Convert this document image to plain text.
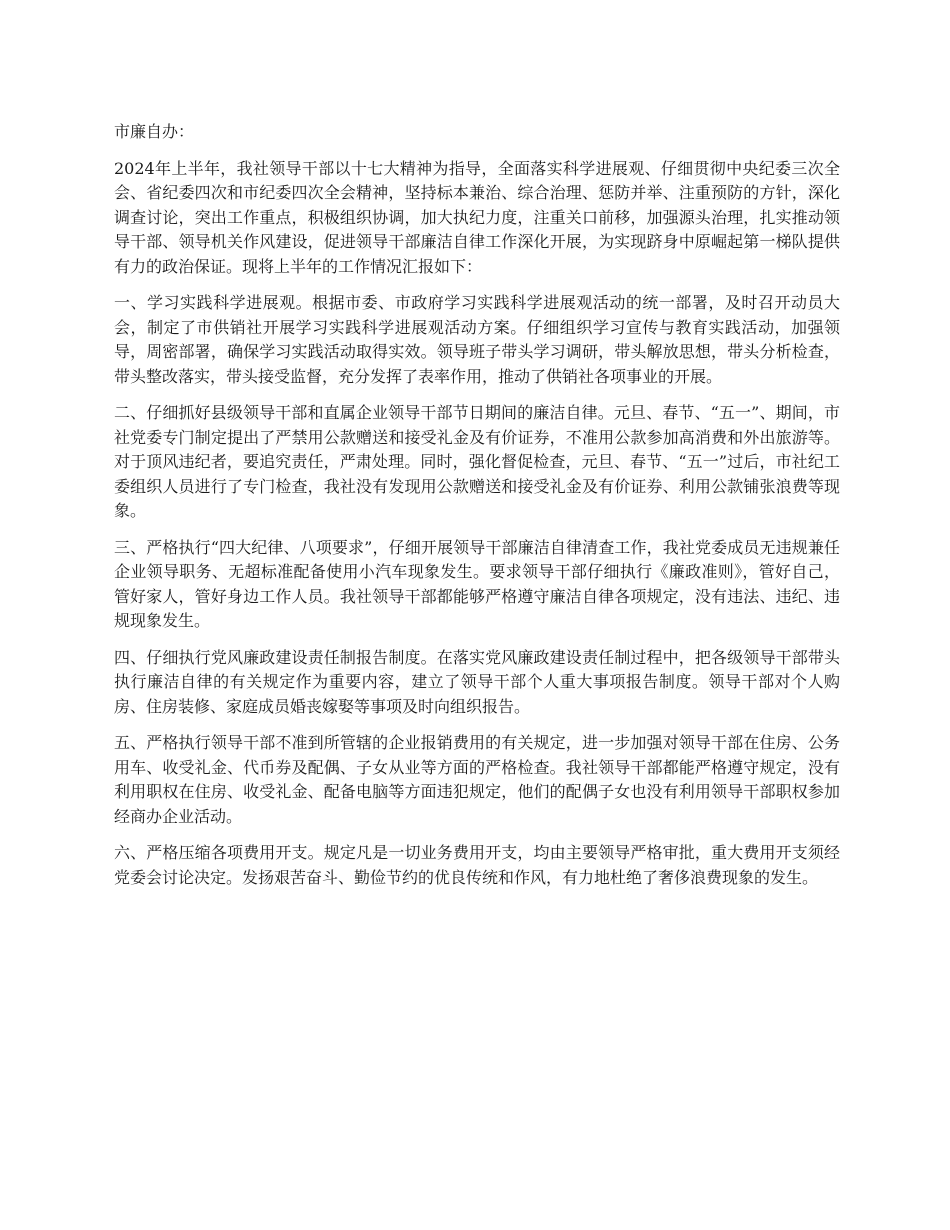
市廉自办：

2024年上半年，我社领导干部以十七大精神为指导，全面落实科学进展观、仔细贯彻中央纪委三次全会、省纪委四次和市纪委四次全会精神，坚持标本兼治、综合治理、惩防并举、注重预防的方针，深化调查讨论，突出工作重点，积极组织协调，加大执纪力度，注重关口前移，加强源头治理，扎实推动领导干部、领导机关作风建设，促进领导干部廉洁自律工作深化开展，为实现跻身中原崛起第一梯队提供有力的政治保证。现将上半年的工作情况汇报如下：

一、学习实践科学进展观。根据市委、市政府学习实践科学进展观活动的统一部署，及时召开动员大会，制定了市供销社开展学习实践科学进展观活动方案。仔细组织学习宣传与教育实践活动，加强领导，周密部署，确保学习实践活动取得实效。领导班子带头学习调研，带头解放思想，带头分析检查，带头整改落实，带头接受监督，充分发挥了表率作用，推动了供销社各项事业的开展。

二、仔细抓好县级领导干部和直属企业领导干部节日期间的廉洁自律。元旦、春节、“五一”、期间，市社党委专门制定提出了严禁用公款赠送和接受礼金及有价证券，不准用公款参加高消费和外出旅游等。对于顶风违纪者，要追究责任，严肃处理。同时，强化督促检查，元旦、春节、“五一”过后，市社纪工委组织人员进行了专门检查，我社没有发现用公款赠送和接受礼金及有价证券、利用公款铺张浪费等现象。

三、严格执行“四大纪律、八项要求”，仔细开展领导干部廉洁自律清查工作，我社党委成员无违规兼任企业领导职务、无超标准配备使用小汽车现象发生。要求领导干部仔细执行《廉政准则》，管好自己，管好家人，管好身边工作人员。我社领导干部都能够严格遵守廉洁自律各项规定，没有违法、违纪、违规现象发生。

四、仔细执行党风廉政建设责任制报告制度。在落实党风廉政建设责任制过程中，把各级领导干部带头执行廉洁自律的有关规定作为重要内容，建立了领导干部个人重大事项报告制度。领导干部对个人购房、住房装修、家庭成员婚丧嫁娶等事项及时向组织报告。

五、严格执行领导干部不准到所管辖的企业报销费用的有关规定，进一步加强对领导干部在住房、公务用车、收受礼金、代币券及配偶、子女从业等方面的严格检查。我社领导干部都能严格遵守规定，没有利用职权在住房、收受礼金、配备电脑等方面违犯规定，他们的配偶子女也没有利用领导干部职权参加经商办企业活动。

六、严格压缩各项费用开支。规定凡是一切业务费用开支，均由主要领导严格审批，重大费用开支须经党委会讨论决定。发扬艰苦奋斗、勤俭节约的优良传统和作风，有力地杜绝了奢侈浪费现象的发生。
